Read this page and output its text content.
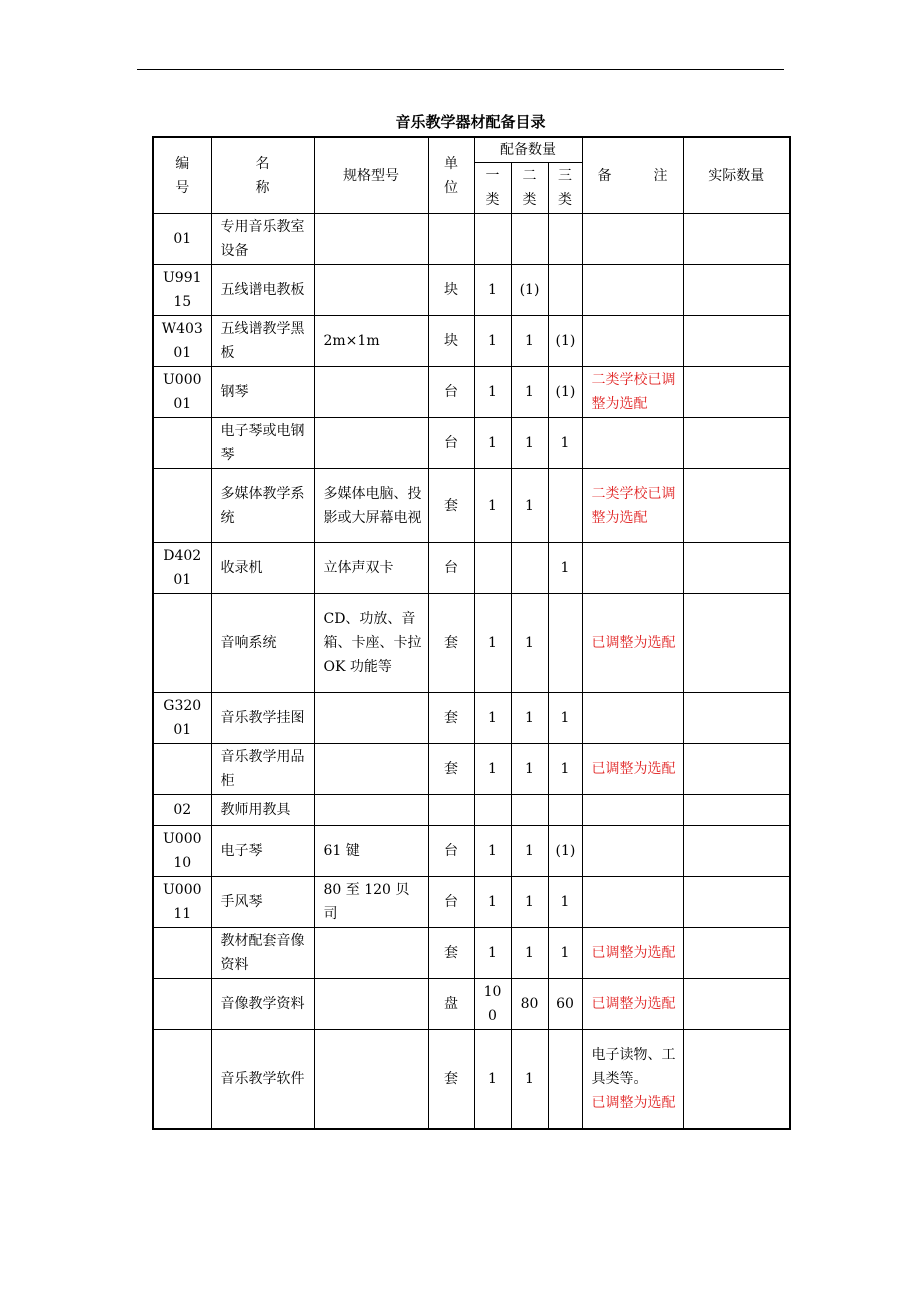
音乐教学器材配备目录
编
号	名
称	规格型号	单
位	配备数量			备　　　注	实际数量

				一
类	二
类	三
类		

01	专用音乐教室设备							

U99115	五线谱电教板		块	1	(1)			

W40301	五线谱教学黑板	2m×1m	块	1	1	(1)		

U00001	钢琴		台	1	1	(1)	二类学校已调整为选配	

	电子琴或电钢琴		台	1	1	1		

	多媒体教学系统	多媒体电脑、投影或大屏幕电视	套	1	1		二类学校已调整为选配	

D40201	收录机	立体声双卡	台			1		

	音响系统	CD、功放、音箱、卡座、卡拉 OK 功能等	套	1	1		已调整为选配	

G32001	音乐教学挂图		套	1	1	1		

	音乐教学用品柜		套	1	1	1	已调整为选配	

02	教师用教具							

U00010	电子琴	61 键	台	1	1	(1)		

U00011	手风琴	80 至 120 贝司	台	1	1	1		

	教材配套音像资料		套	1	1	1	已调整为选配	

	音像教学资料		盘	100	80	60	已调整为选配	

	音乐教学软件		套	1	1		电子读物、工具类等。
已调整为选配	
